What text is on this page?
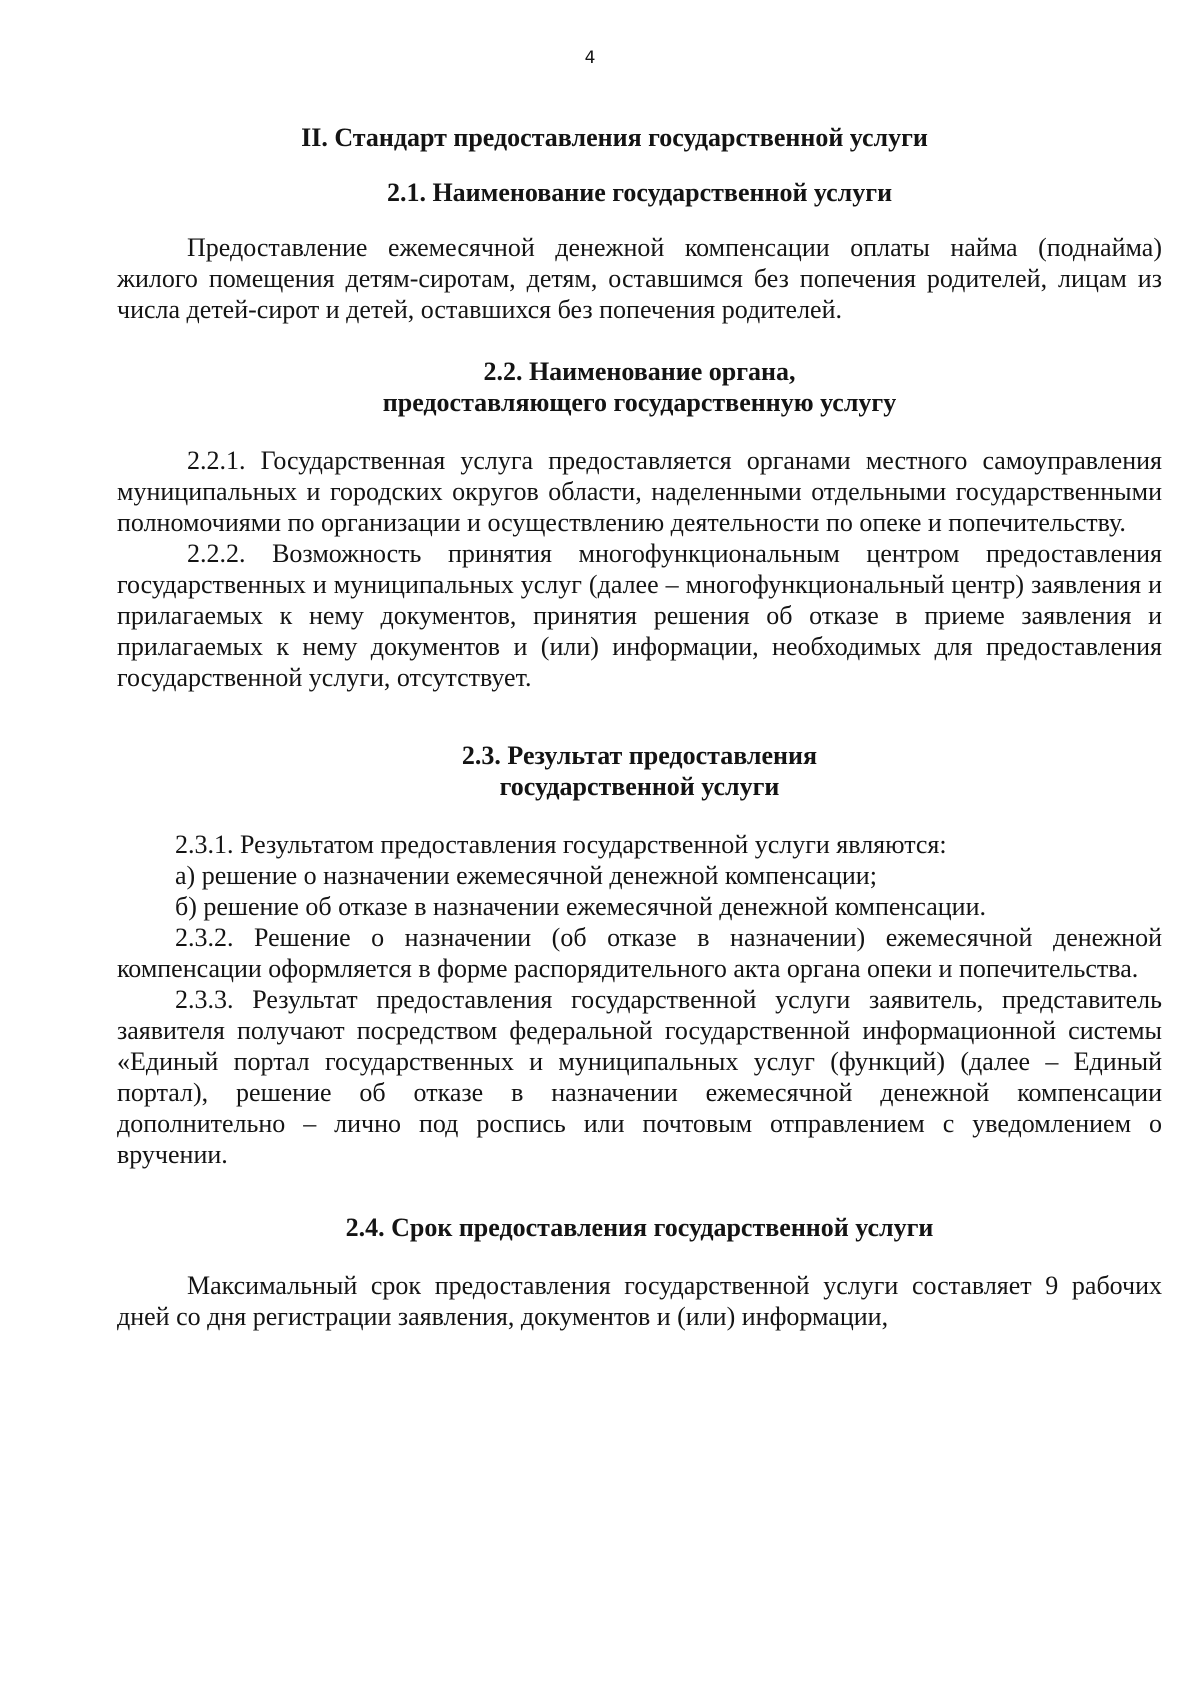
4
II. Стандарт предоставления государственной услуги
2.1. Наименование государственной услуги

Предоставление ежемесячной денежной компенсации оплаты найма (поднайма) жилого помещения детям-сиротам, детям, оставшимся без попечения родителей, лицам из числа детей-сирот и детей, оставшихся без попечения родителей.

2.2. Наименование органа,
предоставляющего государственную услугу

2.2.1. Государственная услуга предоставляется органами местного самоуправления муниципальных и городских округов области, наделенными отдельными государственными полномочиями по организации и осуществлению деятельности по опеке и попечительству.

2.2.2. Возможность принятия многофункциональным центром предоставления государственных и муниципальных услуг (далее – многофункциональный центр) заявления и прилагаемых к нему документов, принятия решения об отказе в приеме заявления и прилагаемых к нему документов и (или) информации, необходимых для предоставления государственной услуги, отсутствует.

2.3. Результат предоставления
государственной услуги

2.3.1. Результатом предоставления государственной услуги являются:

а) решение о назначении ежемесячной денежной компенсации;

б) решение об отказе в назначении ежемесячной денежной компенсации.

2.3.2. Решение о назначении (об отказе в назначении) ежемесячной денежной компенсации оформляется в форме распорядительного акта органа опеки и попечительства.

2.3.3. Результат предоставления государственной услуги заявитель, представитель заявителя получают посредством федеральной государственной информационной системы «Единый портал государственных и муниципальных услуг (функций) (далее – Единый портал), решение об отказе в назначении ежемесячной денежной компенсации дополнительно – лично под роспись или почтовым отправлением с уведомлением о вручении.

2.4. Срок предоставления государственной услуги

Максимальный срок предоставления государственной услуги составляет 9 рабочих дней со дня регистрации заявления, документов и (или) информации,
